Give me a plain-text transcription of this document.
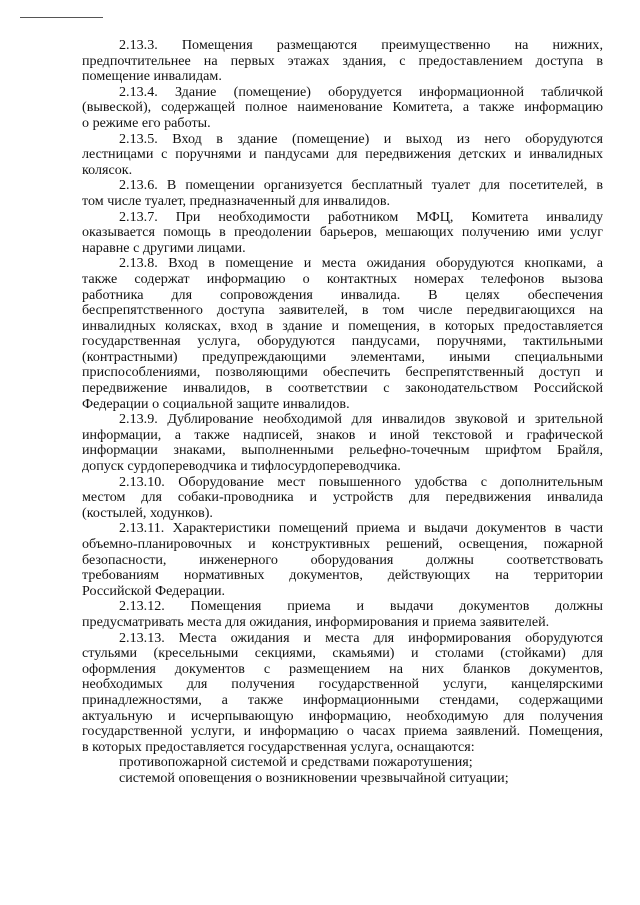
2.13.3. Помещения размещаются преимущественно на нижних,
предпочтительнее на первых этажах здания, с предоставлением доступа в
помещение инвалидам.
2.13.4. Здание (помещение) оборудуется информационной табличкой
(вывеской), содержащей полное наименование Комитета, а также информацию
о режиме его работы.
2.13.5. Вход в здание (помещение) и выход из него оборудуются
лестницами с поручнями и пандусами для передвижения детских и инвалидных
колясок.
2.13.6. В помещении организуется бесплатный туалет для посетителей, в
том числе туалет, предназначенный для инвалидов.
2.13.7. При необходимости работником МФЦ, Комитета инвалиду
оказывается помощь в преодолении барьеров, мешающих получению ими услуг
наравне с другими лицами.
2.13.8. Вход в помещение и места ожидания оборудуются кнопками, а
также содержат информацию о контактных номерах телефонов вызова
работника для сопровождения инвалида. В целях обеспечения
беспрепятственного доступа заявителей, в том числе передвигающихся на
инвалидных колясках, вход в здание и помещения, в которых предоставляется
государственная услуга, оборудуются пандусами, поручнями, тактильными
(контрастными) предупреждающими элементами, иными специальными
приспособлениями, позволяющими обеспечить беспрепятственный доступ и
передвижение инвалидов, в соответствии с законодательством Российской
Федерации о социальной защите инвалидов.
2.13.9. Дублирование необходимой для инвалидов звуковой и зрительной
информации, а также надписей, знаков и иной текстовой и графической
информации знаками, выполненными рельефно-точечным шрифтом Брайля,
допуск сурдопереводчика и тифлосурдопереводчика.
2.13.10. Оборудование мест повышенного удобства с дополнительным
местом для собаки-проводника и устройств для передвижения инвалида
(костылей, ходунков).
2.13.11. Характеристики помещений приема и выдачи документов в части
объемно-планировочных и конструктивных решений, освещения, пожарной
безопасности, инженерного оборудования должны соответствовать
требованиям нормативных документов, действующих на территории
Российской Федерации.
2.13.12. Помещения приема и выдачи документов должны
предусматривать места для ожидания, информирования и приема заявителей.
2.13.13. Места ожидания и места для информирования оборудуются
стульями (кресельными секциями, скамьями) и столами (стойками) для
оформления документов с размещением на них бланков документов,
необходимых для получения государственной услуги, канцелярскими
принадлежностями, а также информационными стендами, содержащими
актуальную и исчерпывающую информацию, необходимую для получения
государственной услуги, и информацию о часах приема заявлений. Помещения,
в которых предоставляется государственная услуга, оснащаются:
противопожарной системой и средствами пожаротушения;
системой оповещения о возникновении чрезвычайной ситуации;
